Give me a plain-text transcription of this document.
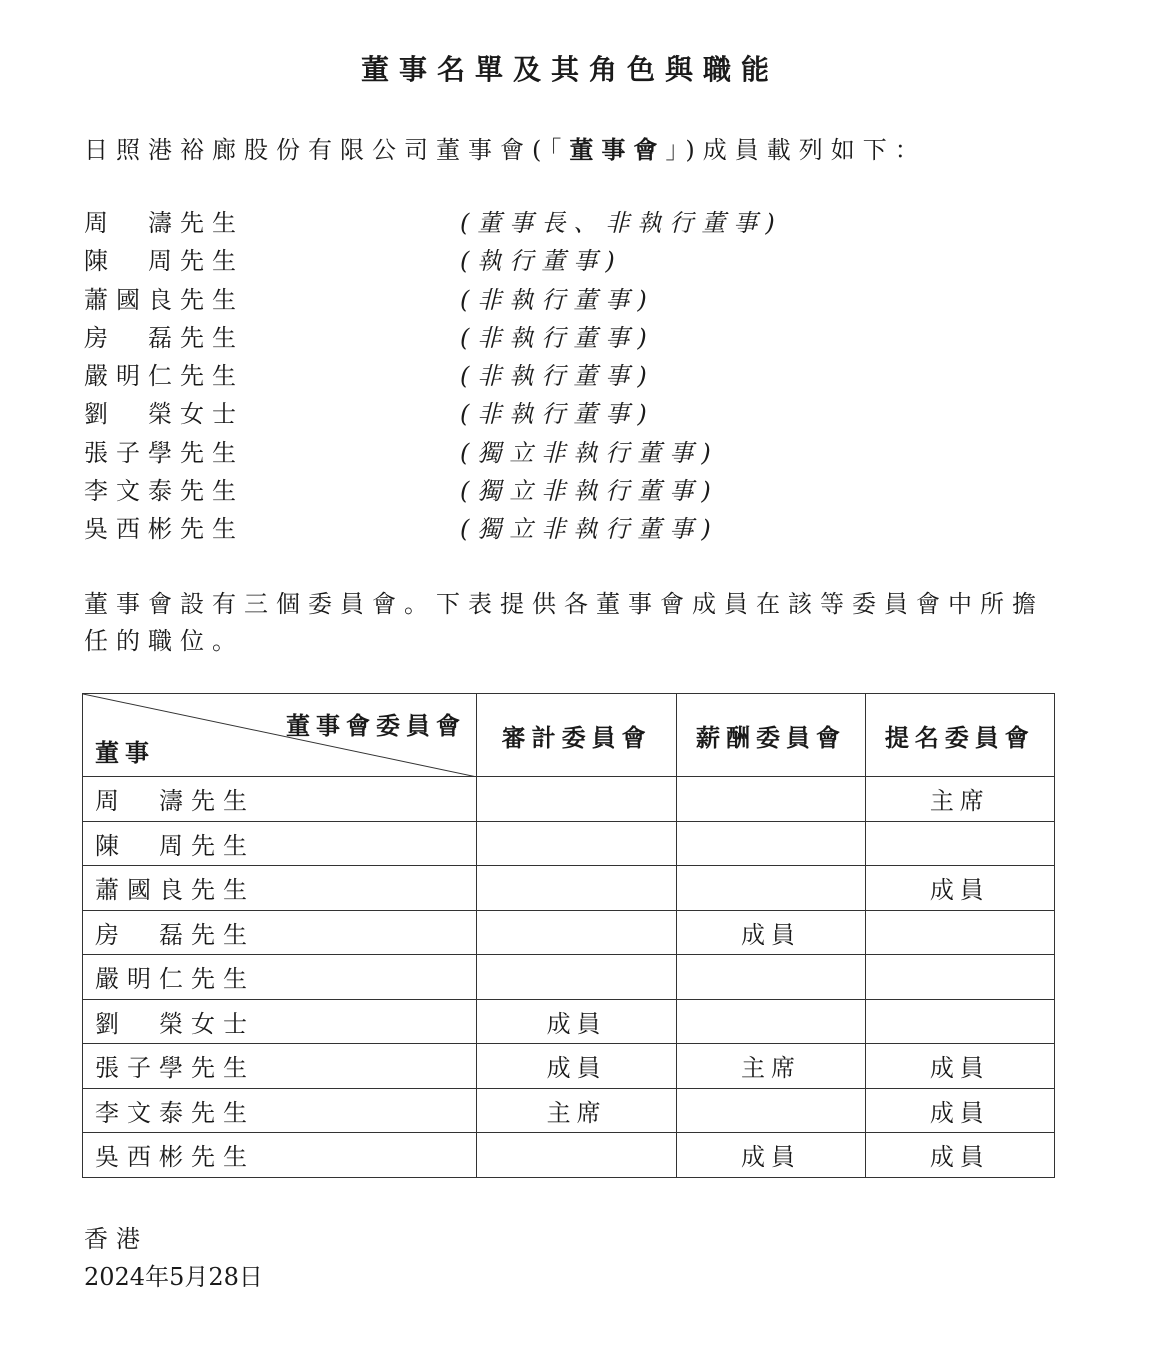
董事名單及其角色與職能
日照港裕廊股份有限公司董事會(「董事會」)成員載列如下：
周　濤先生	(董事長、非執行董事)
陳　周先生	(執行董事)
蕭國良先生	(非執行董事)
房　磊先生	(非執行董事)
嚴明仁先生	(非執行董事)
劉　榮女士	(非執行董事)
張子學先生	(獨立非執行董事)
李文泰先生	(獨立非執行董事)
吳西彬先生	(獨立非執行董事)
董事會設有三個委員會。下表提供各董事會成員在該等委員會中所擔任的職位。
董事會委員會
董事	審計委員會	薪酬委員會	提名委員會
周　濤先生			主席
陳　周先生			
蕭國良先生			成員
房　磊先生		成員	
嚴明仁先生			
劉　榮女士	成員		
張子學先生	成員	主席	成員
李文泰先生	主席		成員
吳西彬先生		成員	成員
香港
2024年5月28日
